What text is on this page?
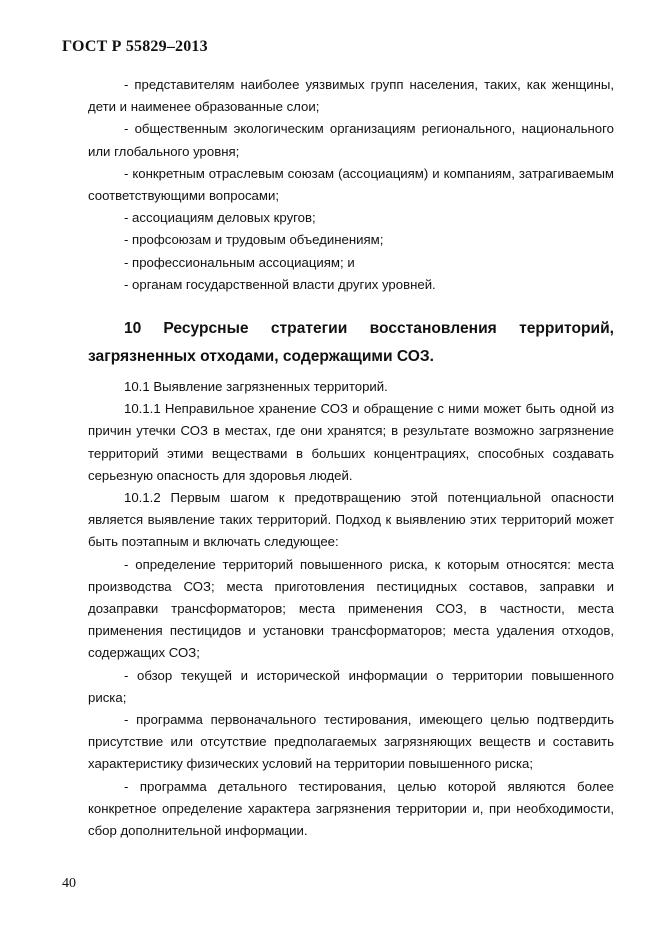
ГОСТ Р 55829–2013

- представителям наиболее уязвимых групп населения, таких, как женщины, дети и наименее образованные слои;

- общественным экологическим организациям регионального, национального или глобального уровня;

- конкретным отраслевым союзам (ассоциациям) и компаниям, затрагиваемым соответствующими вопросами;

- ассоциациям деловых кругов;

- профсоюзам и трудовым объединениям;

- профессиональным ассоциациям; и

- органам государственной власти других уровней.

10 Ресурсные стратегии восстановления территорий, загрязненных отходами, содержащими СОЗ.

10.1 Выявление загрязненных территорий.

10.1.1 Неправильное хранение СОЗ и обращение с ними может быть одной из причин утечки СОЗ в местах, где они хранятся; в результате возможно загрязнение территорий этими веществами в больших концентрациях, способных создавать серьезную опасность для здоровья людей.

10.1.2 Первым шагом к предотвращению этой потенциальной опасности является выявление таких территорий. Подход к выявлению этих территорий может быть поэтапным и включать следующее:

- определение территорий повышенного риска, к которым относятся: места производства СОЗ; места приготовления пестицидных составов, заправки и дозаправки трансформаторов; места применения СОЗ, в частности, места применения пестицидов и установки трансформаторов; места удаления отходов, содержащих СОЗ;

- обзор текущей и исторической информации о территории повышенного риска;

- программа первоначального тестирования, имеющего целью подтвердить присутствие или отсутствие предполагаемых загрязняющих веществ и составить характеристику физических условий на территории повышенного риска;

- программа детального тестирования, целью которой являются более конкретное определение характера загрязнения территории и, при необходимости, сбор дополнительной информации.

40
